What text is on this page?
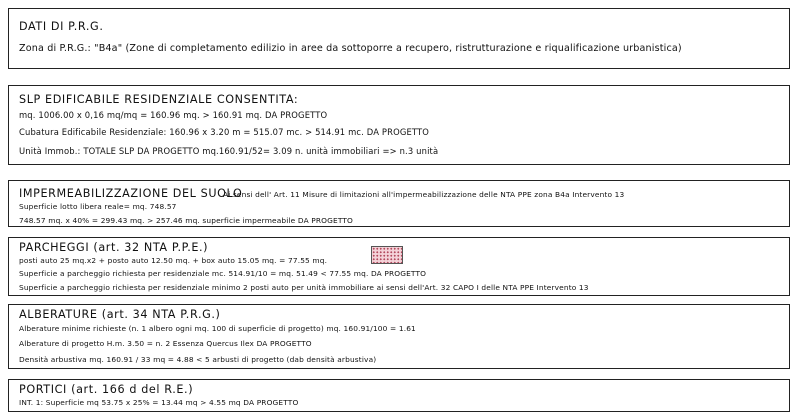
DATI DI P.R.G.
Zona di P.R.G.: "B4a" (Zone di completamento edilizio in aree da sottoporre a recupero, ristrutturazione e riqualificazione urbanistica)
SLP EDIFICABILE RESIDENZIALE CONSENTITA:
mq. 1006.00 x 0,16 mq/mq = 160.96 mq. > 160.91 mq. DA PROGETTO
Cubatura Edificabile Residenziale: 160.96 x 3.20 m = 515.07 mc. > 514.91 mc. DA PROGETTO
Unità Immob.: TOTALE SLP DA PROGETTO mq.160.91/52= 3.09 n. unità immobiliari => n.3 unità
IMPERMEABILIZZAZIONE DEL SUOLO
Ai sensi dell' Art. 11 Misure di limitazioni all'impermeabilizzazione delle NTA PPE zona B4a Intervento 13
Superficie lotto libera reale= mq. 748.57
748.57 mq. x 40% = 299.43 mq. > 257.46 mq. superficie impermeabile DA PROGETTO
PARCHEGGI (art. 32 NTA P.P.E.)
posti auto 25 mq.x2 + posto auto 12.50 mq. + box auto 15.05 mq. = 77.55 mq.
Superficie a parcheggio richiesta per residenziale mc. 514.91/10 = mq. 51.49 < 77.55 mq. DA PROGETTO
Superficie a parcheggio richiesta per residenziale minimo 2 posti auto per unità immobiliare ai sensi dell'Art. 32 CAPO I delle NTA PPE Intervento 13
ALBERATURE (art. 34 NTA P.R.G.)
Alberature minime richieste (n. 1 albero ogni mq. 100 di superficie di progetto) mq. 160.91/100 = 1.61
Alberature di progetto H.m. 3.50 = n. 2 Essenza Quercus Ilex DA PROGETTO
Densità arbustiva mq. 160.91 / 33 mq = 4.88 < 5 arbusti di progetto (dab densità arbustiva)
PORTICI (art. 166 d del R.E.)
INT. 1: Superficie mq 53.75 x 25% = 13.44 mq > 4.55 mq DA PROGETTO
